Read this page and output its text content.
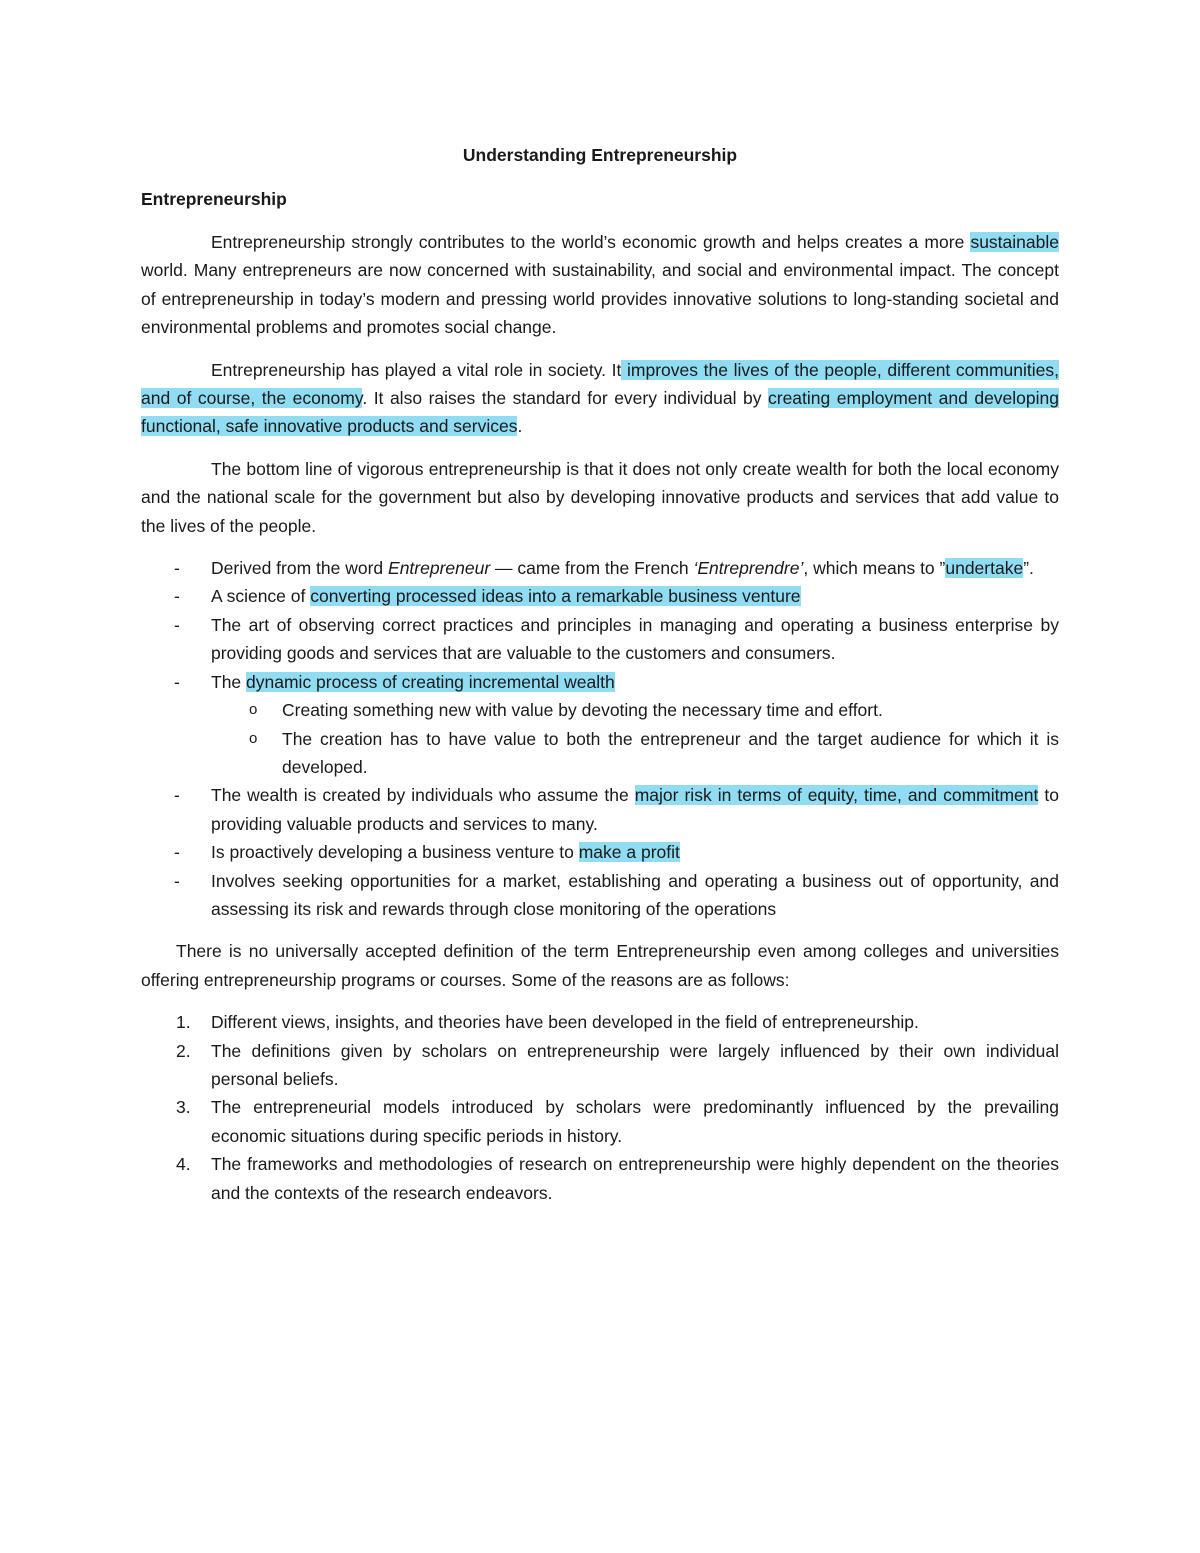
Understanding Entrepreneurship
Entrepreneurship

Entrepreneurship strongly contributes to the world’s economic growth and helps creates a more sustainable world. Many entrepreneurs are now concerned with sustainability, and social and environmental impact. The concept of entrepreneurship in today’s modern and pressing world provides innovative solutions to long-standing societal and environmental problems and promotes social change.

Entrepreneurship has played a vital role in society. It improves the lives of the people, different communities, and of course, the economy. It also raises the standard for every individual by creating employment and developing functional, safe innovative products and services.

The bottom line of vigorous entrepreneurship is that it does not only create wealth for both the local economy and the national scale for the government but also by developing innovative products and services that add value to the lives of the people.

- Derived from the word Entrepreneur — came from the French ‘Entreprendre’, which means to ”undertake”.
- A science of converting processed ideas into a remarkable business venture
- The art of observing correct practices and principles in managing and operating a business enterprise by providing goods and services that are valuable to the customers and consumers.
- The dynamic process of creating incremental wealth
o Creating something new with value by devoting the necessary time and effort.
o The creation has to have value to both the entrepreneur and the target audience for which it is developed.
- The wealth is created by individuals who assume the major risk in terms of equity, time, and commitment to providing valuable products and services to many.
- Is proactively developing a business venture to make a profit
- Involves seeking opportunities for a market, establishing and operating a business out of opportunity, and assessing its risk and rewards through close monitoring of the operations

There is no universally accepted definition of the term Entrepreneurship even among colleges and universities offering entrepreneurship programs or courses. Some of the reasons are as follows:

1. Different views, insights, and theories have been developed in the field of entrepreneurship.
2. The definitions given by scholars on entrepreneurship were largely influenced by their own individual personal beliefs.
3. The entrepreneurial models introduced by scholars were predominantly influenced by the prevailing economic situations during specific periods in history.
4. The frameworks and methodologies of research on entrepreneurship were highly dependent on the theories and the contexts of the research endeavors.
